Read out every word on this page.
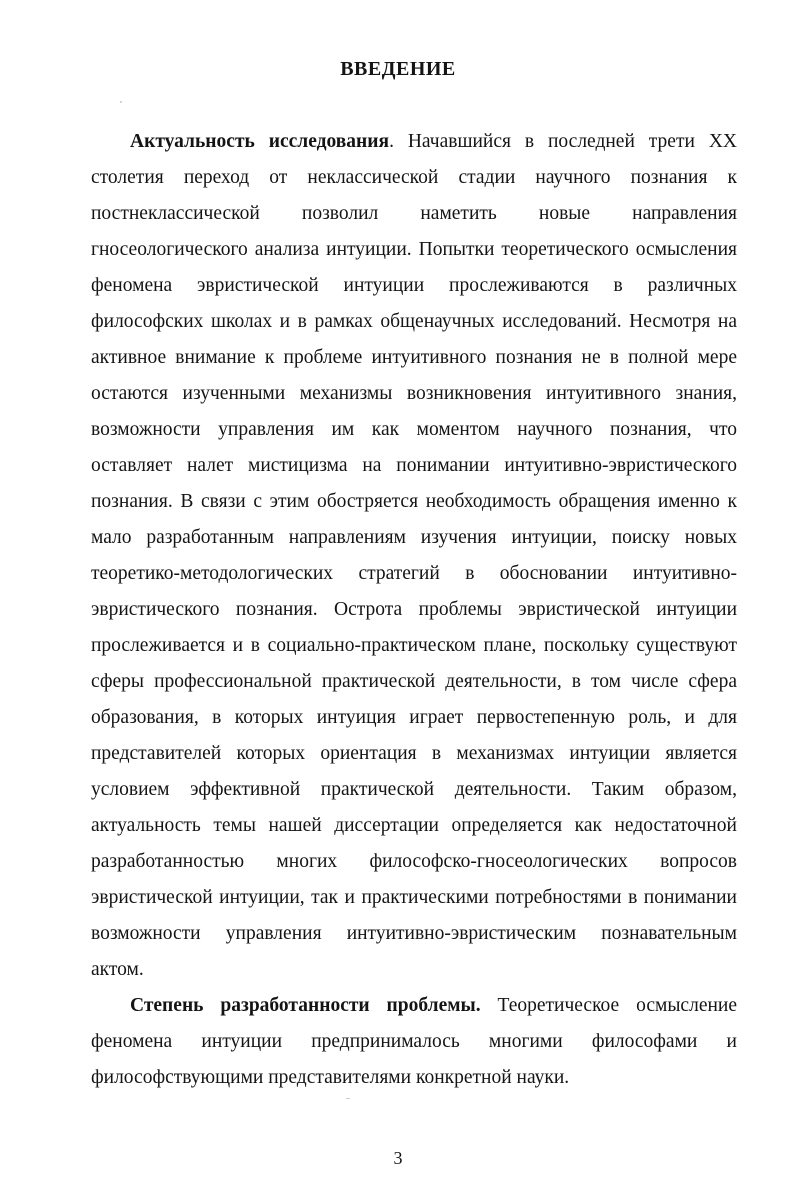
ВВЕДЕНИЕ
Актуальность исследования. Начавшийся в последней трети XX
столетия переход от неклассической стадии научного познания к
постнеклассической позволил наметить новые направления
гносеологического анализа интуиции. Попытки теоретического осмысления
феномена эвристической интуиции прослеживаются в различных
философских школах и в рамках общенаучных исследований. Несмотря на
активное внимание к проблеме интуитивного познания не в полной мере
остаются изученными механизмы возникновения интуитивного знания,
возможности управления им как моментом научного познания, что
оставляет налет мистицизма на понимании интуитивно-эвристического
познания. В связи с этим обостряется необходимость обращения именно к
мало разработанным направлениям изучения интуиции, поиску новых
теоретико-методологических стратегий в обосновании интуитивно-
эвристического познания. Острота проблемы эвристической интуиции
прослеживается и в социально-практическом плане, поскольку существуют
сферы профессиональной практической деятельности, в том числе сфера
образования, в которых интуиция играет первостепенную роль, и для
представителей которых ориентация в механизмах интуиции является
условием эффективной практической деятельности. Таким образом,
актуальность темы нашей диссертации определяется как недостаточной
разработанностью многих философско-гносеологических вопросов
эвристической интуиции, так и практическими потребностями в понимании
возможности управления интуитивно-эвристическим познавательным
актом.
Степень разработанности проблемы. Теоретическое осмысление
феномена интуиции предпринималось многими философами и
философствующими представителями конкретной науки.
3
